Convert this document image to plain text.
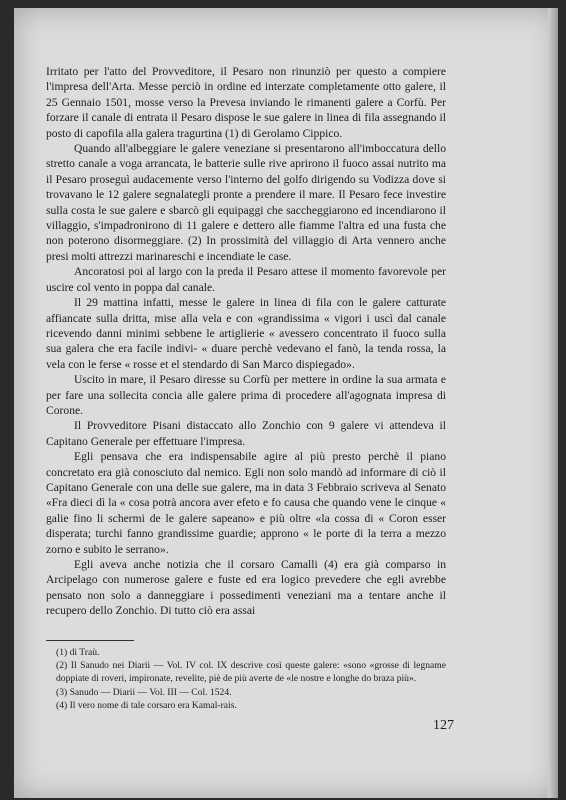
Irritato per l'atto del Provveditore, il Pesaro non rinunziò per questo a compiere l'impresa dell'Arta. Messe perciò in ordine ed interzate completamente otto galere, il 25 Gennaio 1501, mosse verso la Prevesa inviando le rimanenti galere a Corfù. Per forzare il canale di entrata il Pesaro dispose le sue galere in linea di fila assegnando il posto di capofila alla galera tragurtina (1) di Gerolamo Cippico.

Quando all'albeggiare le galere veneziane si presentarono all'imboccatura dello stretto canale a voga arrancata, le batterie sulle rive aprirono il fuoco assai nutrito ma il Pesaro proseguì audacemente verso l'interno del golfo dirigendo su Vodizza dove si trovavano le 12 galere segnalategli pronte a prendere il mare. Il Pesaro fece investire sulla costa le sue galere e sbarcò gli equipaggi che saccheggiarono ed incendiarono il villaggio, s'impadronirono di 11 galere e dettero alle fiamme l'altra ed una fusta che non poterono disormeggiare. (2) In prossimità del villaggio di Arta vennero anche presi molti attrezzi marinareschi e incendiate le case.

Ancoratosi poi al largo con la preda il Pesaro attese il momento favorevole per uscire col vento in poppa dal canale.

Il 29 mattina infatti, messe le galere in linea di fila con le galere catturate affiancate sulla dritta, mise alla vela e con «grandissima « vigori i uscì dal canale ricevendo danni minimi sebbene le artiglierie « avessero concentrato il fuoco sulla sua galera che era facile indivi- « duare perchè vedevano el fanò, la tenda rossa, la vela con le ferse « rosse et el stendardo di San Marco dispiegado».

Uscito in mare, il Pesaro diresse su Corfù per mettere in ordine la sua armata e per fare una sollecita concia alle galere prima di procedere all'agognata impresa di Corone.

Il Provveditore Pisani distaccato allo Zonchio con 9 galere vi attendeva il Capitano Generale per effettuare l'impresa.

Egli pensava che era indispensabile agire al più presto perchè il piano concretato era già conosciuto dal nemico. Egli non solo mandò ad informare di ciò il Capitano Generale con una delle sue galere, ma in data 3 Febbraio scriveva al Senato «Fra dieci dì la « cosa potrà ancora aver efeto e fo causa che quando vene le cinque « galie fino li schermi de le galere sapeano» e più oltre «la cossa di « Coron esser disperata; turchi fanno grandissime guardie; approno « le porte di la terra a mezzo zorno e subito le serrano».

Egli aveva anche notizia che il corsaro Camalli (4) era già comparso in Arcipelago con numerose galere e fuste ed era logico prevedere che egli avrebbe pensato non solo a danneggiare i possedimenti veneziani ma a tentare anche il recupero dello Zonchio. Di tutto ciò era assai

(1) di Traù.

(2) Il Sanudo nei Diarii — Vol. IV col. IX descrive così queste galere: «sono «grosse di legname doppiate di roveri, impironate, revelite, piè de più averte de «le nostre e longhe do braza più».

(3) Sanudo — Diarii — Vol. III — Col. 1524.

(4) Il vero nome di tale corsaro era Kamal-rais.

127
